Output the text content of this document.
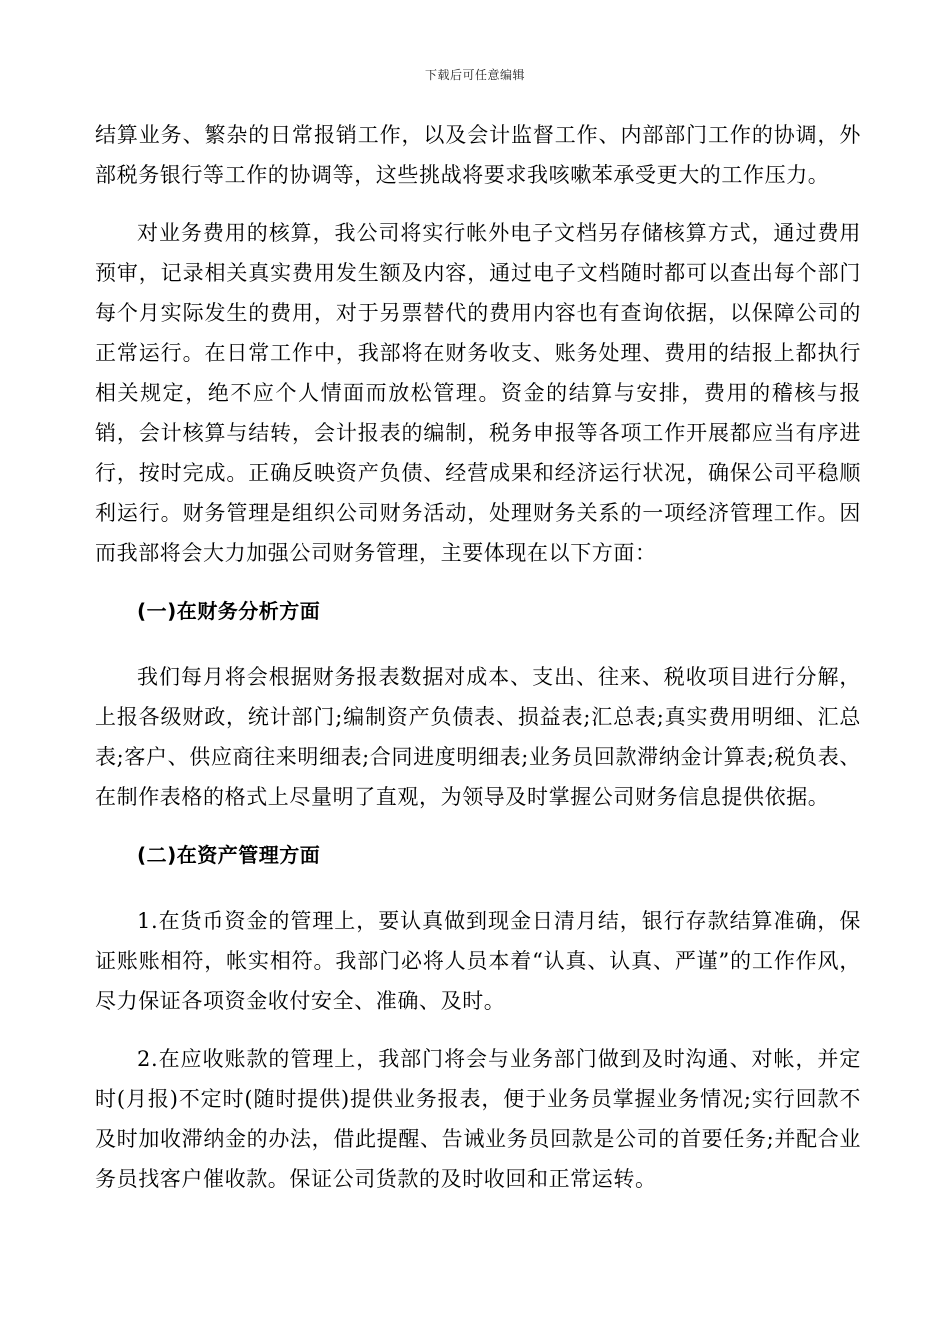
下载后可任意编辑

结算业务、繁杂的日常报销工作，以及会计监督工作、内部部门工作的协调，外部税务银行等工作的协调等，这些挑战将要求我咳嗽苯承受更大的工作压力。

对业务费用的核算，我公司将实行帐外电子文档另存储核算方式，通过费用预审，记录相关真实费用发生额及内容，通过电子文档随时都可以查出每个部门每个月实际发生的费用，对于另票替代的费用内容也有查询依据，以保障公司的正常运行。在日常工作中，我部将在财务收支、账务处理、费用的结报上都执行相关规定，绝不应个人情面而放松管理。资金的结算与安排，费用的稽核与报销，会计核算与结转，会计报表的编制，税务申报等各项工作开展都应当有序进行，按时完成。正确反映资产负债、经营成果和经济运行状况，确保公司平稳顺利运行。财务管理是组织公司财务活动，处理财务关系的一项经济管理工作。因而我部将会大力加强公司财务管理，主要体现在以下方面：

(一)在财务分析方面

我们每月将会根据财务报表数据对成本、支出、往来、税收项目进行分解，上报各级财政，统计部门;编制资产负债表、损益表;汇总表;真实费用明细、汇总表;客户、供应商往来明细表;合同进度明细表;业务员回款滞纳金计算表;税负表、在制作表格的格式上尽量明了直观，为领导及时掌握公司财务信息提供依据。

(二)在资产管理方面

1.在货币资金的管理上，要认真做到现金日清月结，银行存款结算准确，保证账账相符，帐实相符。我部门必将人员本着“认真、认真、严谨”的工作作风，尽力保证各项资金收付安全、准确、及时。

2.在应收账款的管理上，我部门将会与业务部门做到及时沟通、对帐，并定时(月报)不定时(随时提供)提供业务报表，便于业务员掌握业务情况;实行回款不及时加收滞纳金的办法，借此提醒、告诫业务员回款是公司的首要任务;并配合业务员找客户催收款。保证公司货款的及时收回和正常运转。
